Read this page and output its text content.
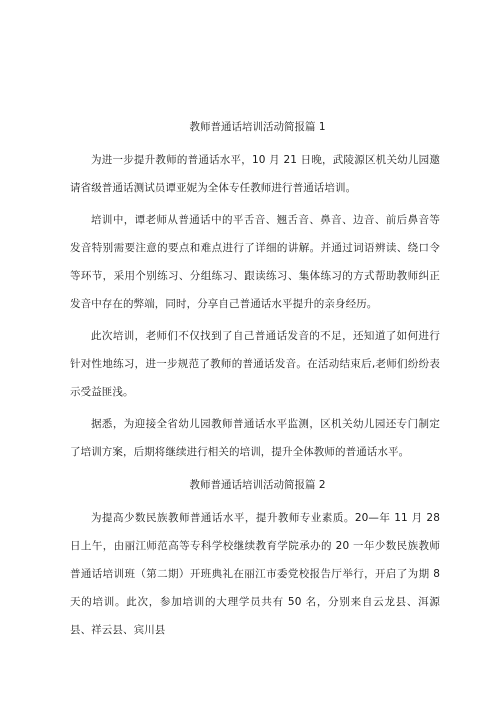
教师普通话培训活动简报篇 1

为进一步提升教师的普通话水平，10 月 21 日晚，武陵源区机关幼儿园邀请省级普通话测试员谭亚妮为全体专任教师进行普通话培训。

培训中，谭老师从普通话中的平舌音、翘舌音、鼻音、边音、前后鼻音等发音特别需要注意的要点和难点进行了详细的讲解。并通过词语辨读、绕口令等环节，采用个别练习、分组练习、跟读练习、集体练习的方式帮助教师纠正发音中存在的弊端，同时，分享自己普通话水平提升的亲身经历。

此次培训，老师们不仅找到了自己普通话发音的不足，还知道了如何进行针对性地练习，进一步规范了教师的普通话发音。在活动结束后,老师们纷纷表示受益匪浅。

据悉，为迎接全省幼儿园教师普通话水平监测，区机关幼儿园还专门制定了培训方案，后期将继续进行相关的培训，提升全体教师的普通话水平。

教师普通话培训活动简报篇 2

为提高少数民族教师普通话水平，提升教师专业素质。20—年 11 月 28 日上午，由丽江师范高等专科学校继续教育学院承办的 20 一年少数民族教师普通话培训班（第二期）开班典礼在丽江市委党校报告厅举行，开启了为期 8 天的培训。此次，参加培训的大理学员共有 50 名，分别来自云龙县、洱源县、祥云县、宾川县
